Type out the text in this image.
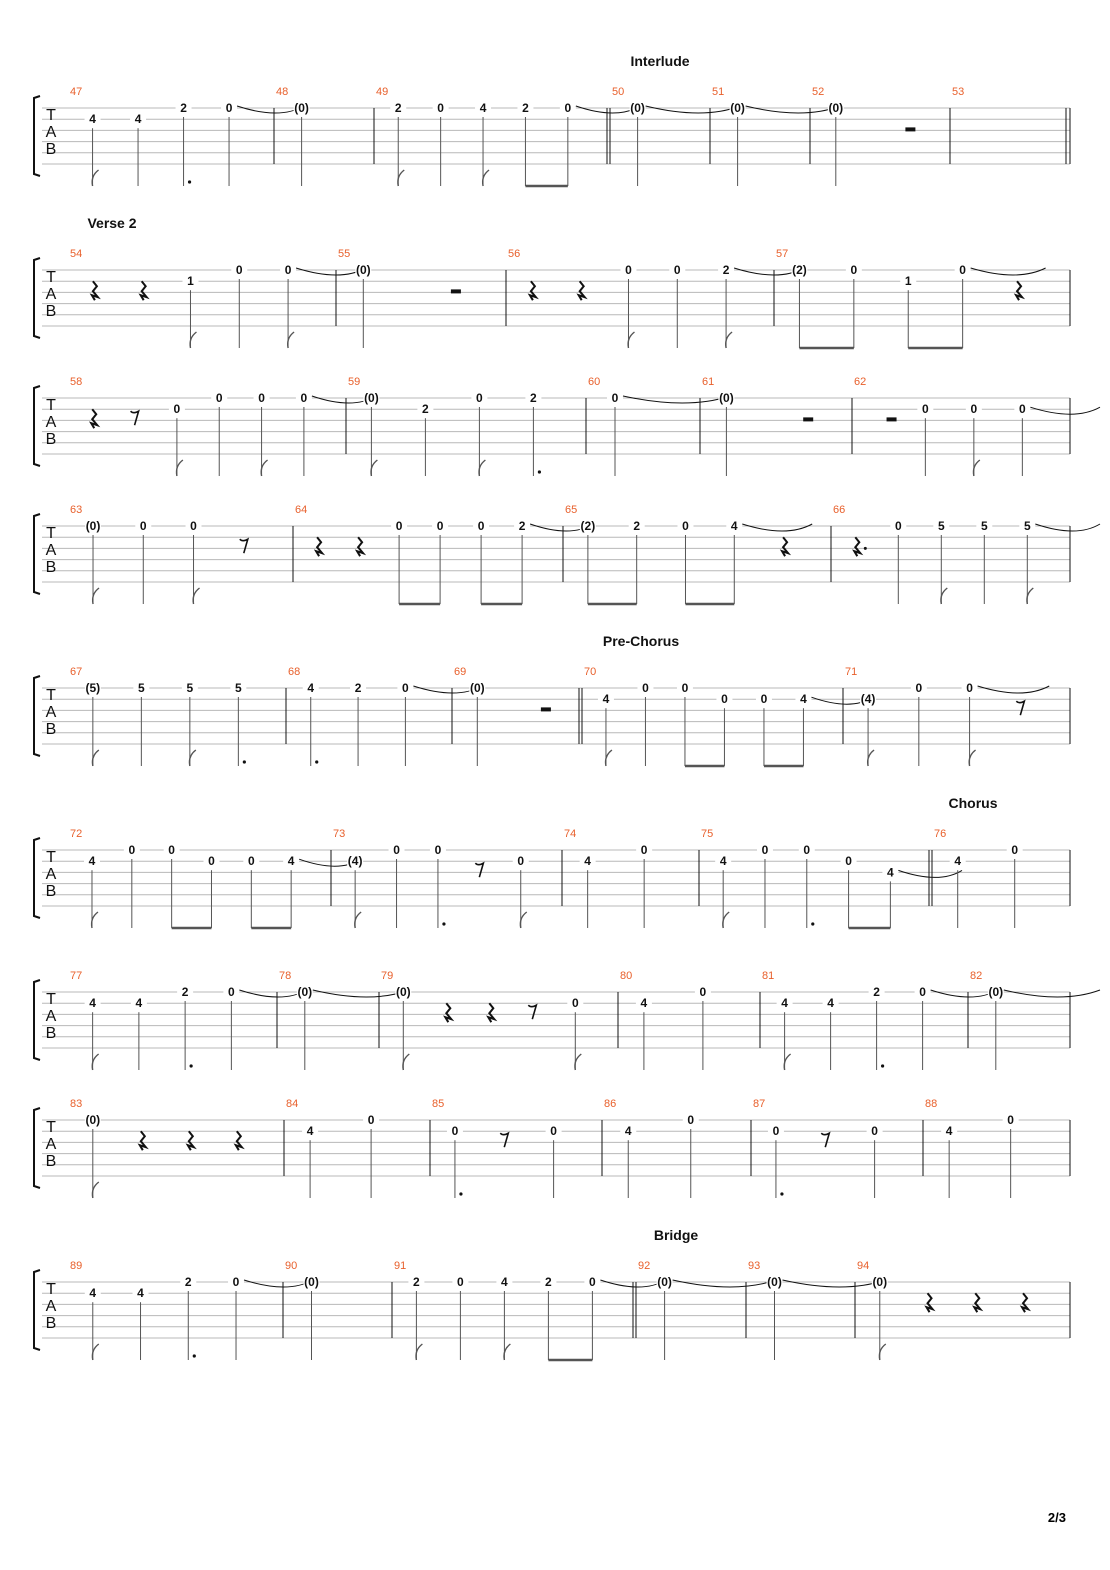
T
A
B
Interlude
47
4	4
2	0
48
(0)
49
2	0	4	2	0
50
(0)
51
(0)
52
(0)
53
T
A
B
Verse 2
54
1
0	0
55
(0)
56
0	0	2
57
(2)	0
1
0
T
A
B
58
0
0	0	0
59
(0)
2
0	2
60
0
61
(0)
62
0	0	0
T
A
B
63
(0)	0	0
64
0	0	0	2
65
(2)	2	0	4
66
0	5	5	5
T
A
B
Pre-Chorus
67
(5)	5	5	5
68
4	2	0
69
(0)
70
4
0	0
0	0	4
71
(4)
0	0
T
A
B
Chorus
72
4
0	0
0	0	4
73
(4)
0	0
0
74
4
0
75
4
0	0
0
4
76
4
0
T
A
B
77
4	4
2	0
78
(0)
79
(0)
0
80
4
0
81
4	4
2	0
82
(0)
T
A
B
83
(0)
84
4
0
85
0	0
86
4
0
87
0	0
88
4
0
T
A
B
Bridge
89
4	4
2	0
90
(0)
91
2	0	4	2	0
92
(0)
93
(0)
94
(0)
2/3
